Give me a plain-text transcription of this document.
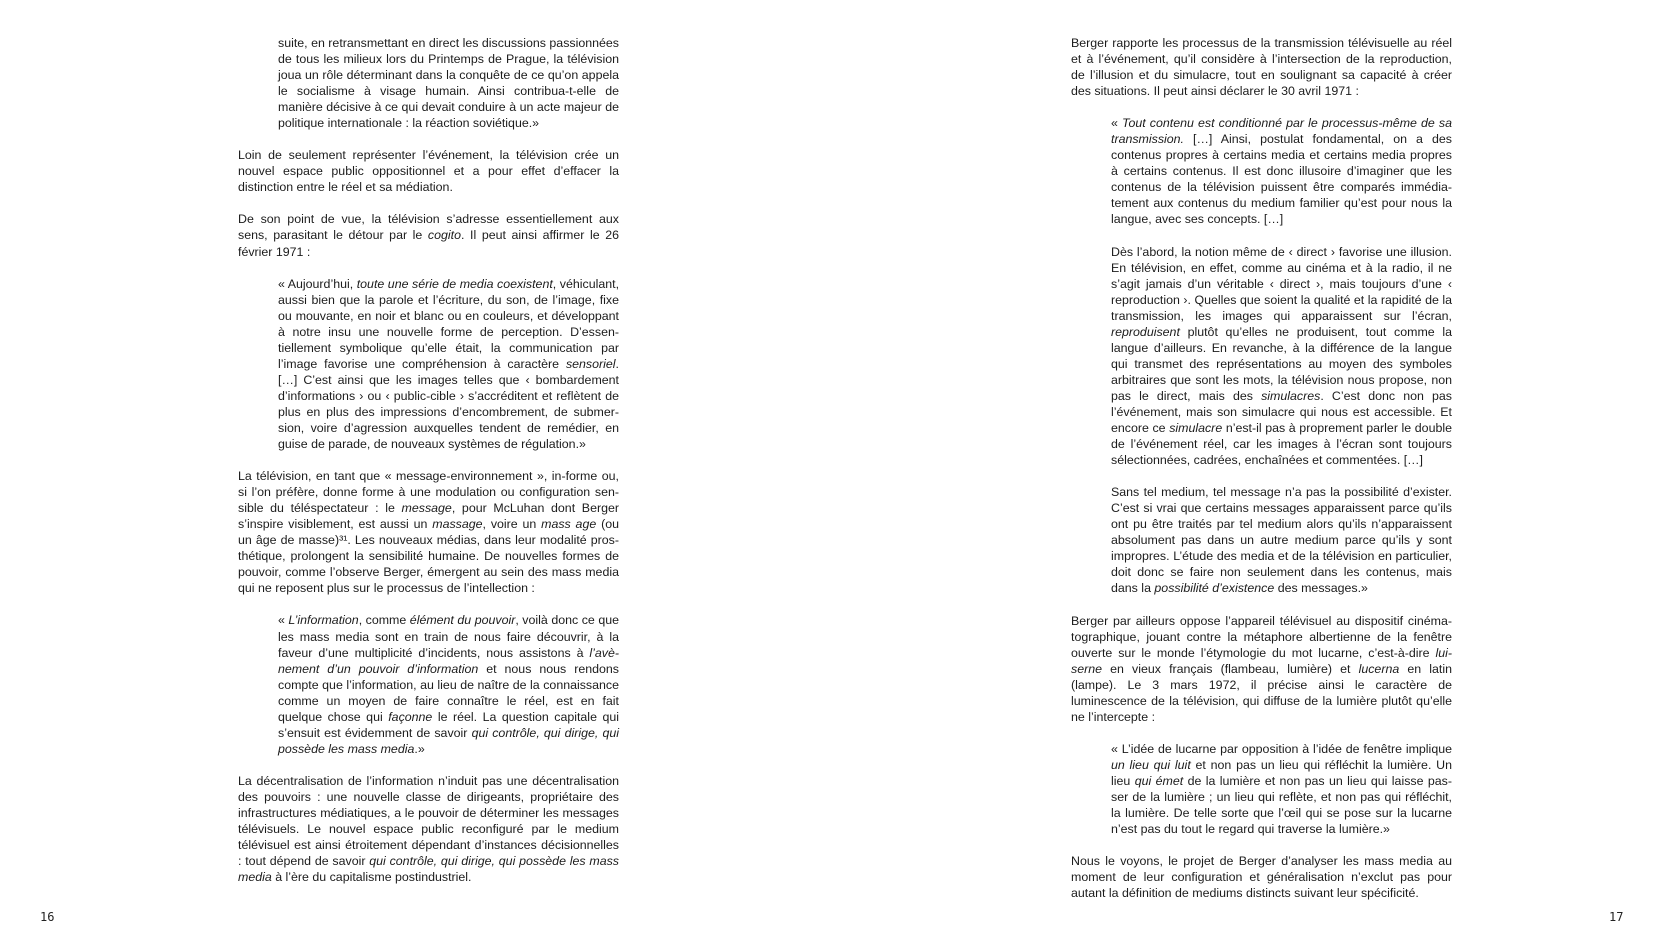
suite, en retransmettant en direct les discussions passionnées de tous les milieux lors du Printemps de Prague, la télévision joua un rôle déterminant dans la conquête de ce qu’on appela le socialisme à visage humain. Ainsi contribua-t-elle de manière décisive à ce qui devait conduire à un acte majeur de politique internationale : la réaction soviétique.»

Loin de seulement représenter l’événement, la télévision crée un nouvel espace public oppositionnel et a pour effet d’effacer la distinction entre le réel et sa médiation.

De son point de vue, la télévision s’adresse essentiellement aux sens, parasitant le détour par le cogito. Il peut ainsi affirmer le 26 février 1971 :

« Aujourd’hui, toute une série de media coexistent, véhiculant, aussi bien que la parole et l’écriture, du son, de l’image, fixe ou mouvante, en noir et blanc ou en couleurs, et développant à notre insu une nouvelle forme de perception. D’essentiellement symbolique qu’elle était, la communication par l’image favorise une compréhension à caractère sensoriel. […] C’est ainsi que les images telles que ‹ bombardement d’informations › ou ‹ public-cible › s’accréditent et reflètent de plus en plus des impressions d’encombrement, de submersion, voire d’agression auxquelles tendent de remédier, en guise de parade, de nouveaux systèmes de régulation.»

La télévision, en tant que « message-environnement », in-forme ou, si l’on préfère, donne forme à une modulation ou configuration sensible du téléspectateur : le message, pour McLuhan dont Berger s’inspire visiblement, est aussi un massage, voire un mass age (ou un âge de masse)³¹. Les nouveaux médias, dans leur modalité prosthétique, prolongent la sensibilité humaine. De nouvelles formes de pouvoir, comme l’observe Berger, émergent au sein des mass media qui ne reposent plus sur le processus de l’intellection :

« L’information, comme élément du pouvoir, voilà donc ce que les mass media sont en train de nous faire découvrir, à la faveur d’une multiplicité d’incidents, nous assistons à l’avènement d’un pouvoir d’information et nous nous rendons compte que l’information, au lieu de naître de la connaissance comme un moyen de faire connaître le réel, est en fait quelque chose qui façonne le réel. La question capitale qui s’ensuit est évidemment de savoir qui contrôle, qui dirige, qui possède les mass media.»

La décentralisation de l’information n’induit pas une décentralisation des pouvoirs : une nouvelle classe de dirigeants, propriétaire des infrastructures médiatiques, a le pouvoir de déterminer les messages télévisuels. Le nouvel espace public reconfiguré par le medium télévisuel est ainsi étroitement dépendant d’instances décisionnelles : tout dépend de savoir qui contrôle, qui dirige, qui possède les mass media à l’ère du capitalisme postindustriel.

16

Berger rapporte les processus de la transmission télévisuelle au réel et à l’événement, qu’il considère à l’intersection de la reproduction, de l’illusion et du simulacre, tout en soulignant sa capacité à créer des situations. Il peut ainsi déclarer le 30 avril 1971 :

« Tout contenu est conditionné par le processus-même de sa transmission. […] Ainsi, postulat fondamental, on a des contenus propres à certains media et certains media propres à certains contenus. Il est donc illusoire d’imaginer que les contenus de la télévision puissent être comparés immédiatement aux contenus du medium familier qu’est pour nous la langue, avec ses concepts. […]

Dès l’abord, la notion même de ‹ direct › favorise une illusion. En télévision, en effet, comme au cinéma et à la radio, il ne s’agit jamais d’un véritable ‹ direct ›, mais toujours d’une ‹ reproduction ›. Quelles que soient la qualité et la rapidité de la transmission, les images qui apparaissent sur l’écran, reproduisent plutôt qu’elles ne produisent, tout comme la langue d’ailleurs. En revanche, à la différence de la langue qui transmet des représentations au moyen des symboles arbitraires que sont les mots, la télévision nous propose, non pas le direct, mais des simulacres. C’est donc non pas l’événement, mais son simulacre qui nous est accessible. Et encore ce simulacre n’est-il pas à proprement parler le double de l’événement réel, car les images à l’écran sont toujours sélectionnées, cadrées, enchaînées et commentées. […]

Sans tel medium, tel message n’a pas la possibilité d’exister. C’est si vrai que certains messages apparaissent parce qu’ils ont pu être traités par tel medium alors qu’ils n’apparaissent absolument pas dans un autre medium parce qu’ils y sont impropres. L’étude des media et de la télévision en particulier, doit donc se faire non seulement dans les contenus, mais dans la possibilité d’existence des messages.»

Berger par ailleurs oppose l’appareil télévisuel au dispositif cinématographique, jouant contre la métaphore albertienne de la fenêtre ouverte sur le monde l’étymologie du mot lucarne, c’est-à-dire luiserne en vieux français (flambeau, lumière) et lucerna en latin (lampe). Le 3 mars 1972, il précise ainsi le caractère de luminescence de la télévision, qui diffuse de la lumière plutôt qu’elle ne l’intercepte :

« L’idée de lucarne par opposition à l’idée de fenêtre implique un lieu qui luit et non pas un lieu qui réfléchit la lumière. Un lieu qui émet de la lumière et non pas un lieu qui laisse passer de la lumière ; un lieu qui reflète, et non pas qui réfléchit, la lumière. De telle sorte que l’œil qui se pose sur la lucarne n’est pas du tout le regard qui traverse la lumière.»

Nous le voyons, le projet de Berger d’analyser les mass media au moment de leur configuration et généralisation n’exclut pas pour autant la définition de mediums distincts suivant leur spécificité.

17
